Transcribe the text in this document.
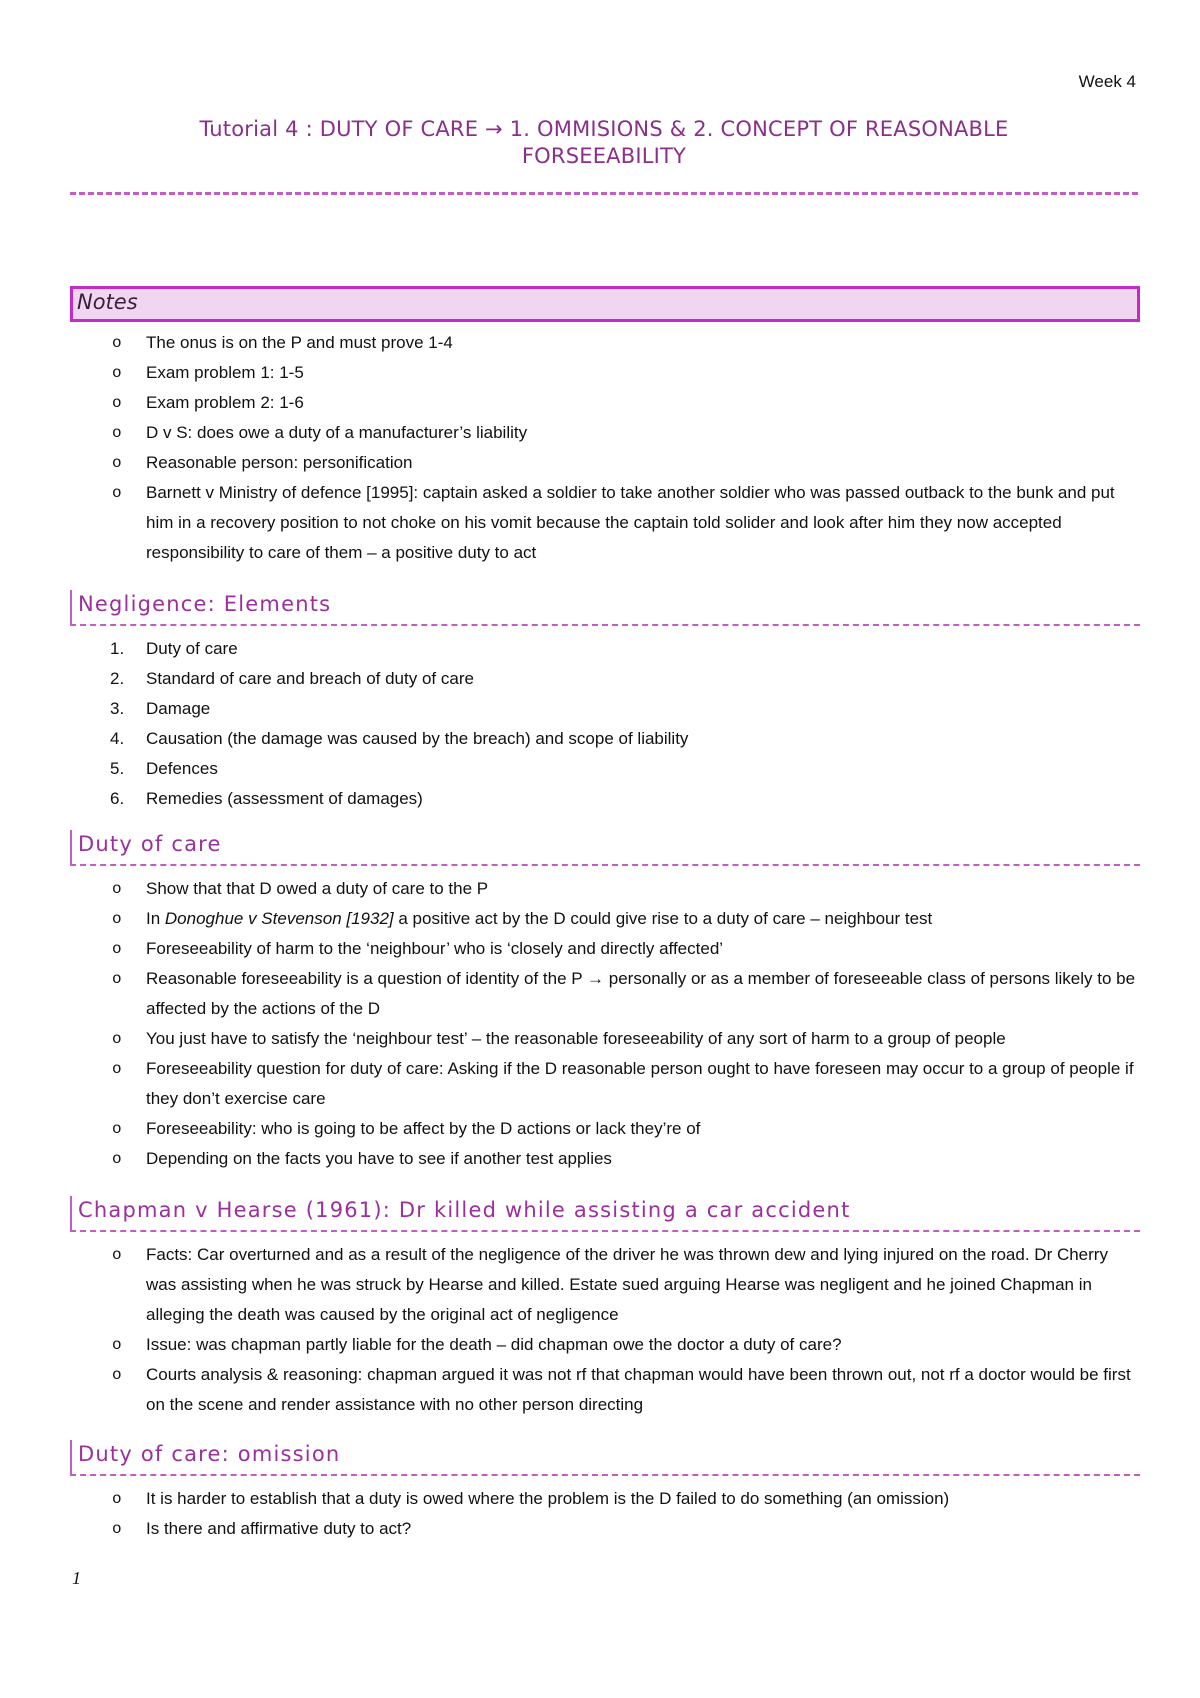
Week 4
Tutorial 4 : DUTY OF CARE → 1. OMMISIONS & 2. CONCEPT OF REASONABLE
FORSEEABILITY
Notes
o The onus is on the P and must prove 1-4
o Exam problem 1: 1-5
o Exam problem 2: 1-6
o D v S: does owe a duty of a manufacturer’s liability
o Reasonable person: personification
o Barnett v Ministry of defence [1995]: captain asked a soldier to take another soldier who was passed outback to the bunk and put him in a recovery position to not choke on his vomit because the captain told solider and look after him they now accepted responsibility to care of them – a positive duty to act
Negligence: Elements
1.	Duty of care
2.	Standard of care and breach of duty of care
3.	Damage
4.	Causation (the damage was caused by the breach) and scope of liability
5.	Defences
6.	Remedies (assessment of damages)
Duty of care
o Show that that D owed a duty of care to the P
o In Donoghue v Stevenson [1932] a positive act by the D could give rise to a duty of care – neighbour test
o Foreseeability of harm to the ‘neighbour’ who is ‘closely and directly affected’
o Reasonable foreseeability is a question of identity of the P → personally or as a member of foreseeable class of persons likely to be affected by the actions of the D
o You just have to satisfy the ‘neighbour test’ – the reasonable foreseeability of any sort of harm to a group of people
o Foreseeability question for duty of care: Asking if the D reasonable person ought to have foreseen may occur to a group of people if they don’t exercise care
o Foreseeability: who is going to be affect by the D actions or lack they’re of
o Depending on the facts you have to see if another test applies
Chapman v Hearse (1961): Dr killed while assisting a car accident
o Facts: Car overturned and as a result of the negligence of the driver he was thrown dew and lying injured on the road. Dr Cherry was assisting when he was struck by Hearse and killed. Estate sued arguing Hearse was negligent and he joined Chapman in alleging the death was caused by the original act of negligence
o Issue: was chapman partly liable for the death – did chapman owe the doctor a duty of care?
o Courts analysis & reasoning: chapman argued it was not rf that chapman would have been thrown out, not rf a doctor would be first on the scene and render assistance with no other person directing
Duty of care: omission
o It is harder to establish that a duty is owed where the problem is the D failed to do something (an omission)
o Is there and affirmative duty to act?
1
